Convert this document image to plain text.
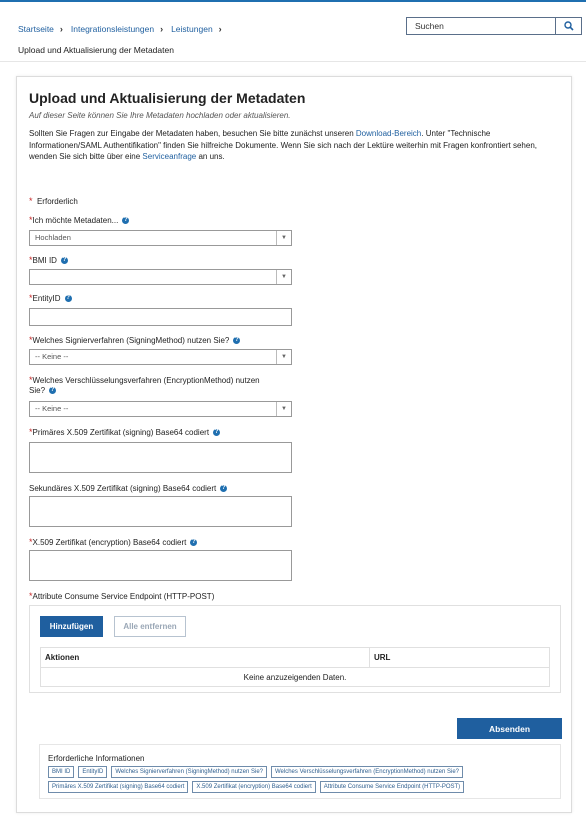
Startseite › Integrationsleistungen › Leistungen ›
Upload und Aktualisierung der Metadaten
Suchen
Upload und Aktualisierung der Metadaten
Auf dieser Seite können Sie Ihre Metadaten hochladen oder aktualisieren.
Sollten Sie Fragen zur Eingabe der Metadaten haben, besuchen Sie bitte zunächst unseren Download-Bereich. Unter "Technische Informationen/SAML Authentifikation" finden Sie hilfreiche Dokumente. Wenn Sie sich nach der Lektüre weiterhin mit Fragen konfrontiert sehen, wenden Sie sich bitte über eine Serviceanfrage an uns.
* Erforderlich
*Ich möchte Metadaten... ?
Hochladen	▼
*BMI ID ?
▼
*EntityID ?
*Welches Signierverfahren (SigningMethod) nutzen Sie? ?
-- Keine --	▼
*Welches Verschlüsselungsverfahren (EncryptionMethod) nutzen
Sie? ?
-- Keine --	▼
*Primäres X.509 Zertifikat (signing) Base64 codiert ?
Sekundäres X.509 Zertifikat (signing) Base64 codiert ?
*X.509 Zertifikat (encryption) Base64 codiert ?
*Attribute Consume Service Endpoint (HTTP-POST)
Hinzufügen	Alle entfernen
Aktionen	URL
Keine anzuzeigenden Daten.
Absenden
Erforderliche Informationen
BMI ID	EntityID	Welches Signierverfahren (SigningMethod) nutzen Sie?	Welches Verschlüsselungsverfahren (EncryptionMethod) nutzen Sie?
Primäres X.509 Zertifikat (signing) Base64 codiert	X.509 Zertifikat (encryption) Base64 codiert	Attribute Consume Service Endpoint (HTTP-POST)
